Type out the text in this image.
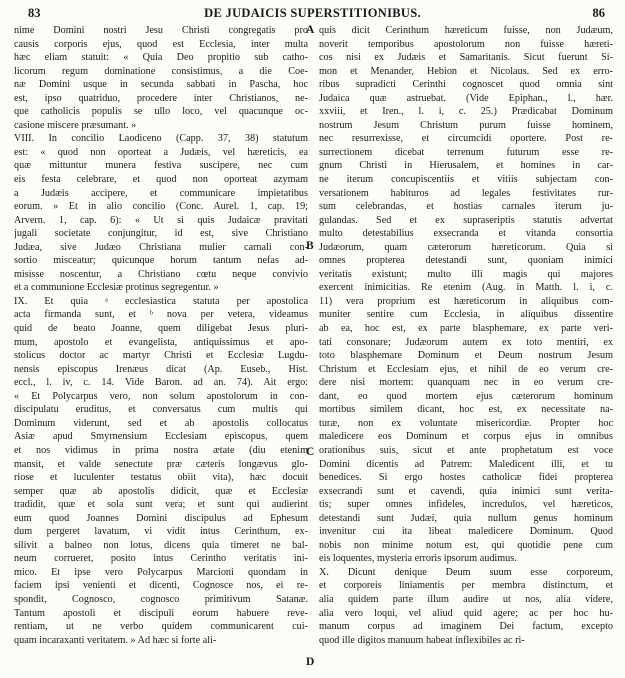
83	DE JUDAICIS SUPERSTITIONIBUS.	86
nime Domini nostri Jesu Christi congregatis pro
causis corporis ejus, quod est Ecclesia, inter multa
hæc eliam statuit: « Quia Deo propitio sub catho-
licorum regum dominatione consistimus, a die Coe-
næ Domini usque in secunda sabbati in Pascha, hoc
est, ipso quatriduo, procedere inter Christianos, ne-
que catholicis populis se ullo loco, vel quacunque oc-
casione miscere præsumant. »
VIII. In concilio Laodiceno (Capp. 37, 38) statutum
est: « quod non oporteat a Judæis, vel hæreticis, ea
quæ mittuntur munera festiva suscipere, nec cum
eis festa celebrare, et quod non oporteat azymam
a Judæis accipere, et communicare impietatibus
eorum. » Et in alio concilio (Conc. Aurel. 1, cap. 19;
Arvern. 1, cap. 6): « Ut si quis Judaicæ pravitati
jugali societate conjungitur, id est, sive Christiano
Judæa, sive Judæo Christiana mulier carnali con-
sortio misceatur; quicunque horum tantum nefas ad-
misisse noscentur, a Christiano cœtu neque convivio
et a communione Ecclesiæ protinus segregentur. »
IX. Et quia ᵃ ecclesiastica statuta per apostolica
acta firmanda sunt, et ᵇ nova per vetera, videamus
quid de beato Joanne, quem diligebat Jesus pluri-
mum, apostolo et evangelista, antiquissimus et apo-
stolicus doctor ac martyr Christi et Ecclesiæ Lugdu-
nensis episcopus Irenæus dicat (Ap. Euseb., Hist.
eccl., l. iv, c. 14. Vide Baron. ad an. 74). Ait ergo:
« Et Polycarpus vero, non solum apostolorum in con-
discipulatu eruditus, et conversatus cum multis qui
Dominum viderunt, sed et ab apostolis collocatus
Asiæ apud Smyrnensium Ecclesiam episcopus, quem
et nos vidimus in prima nostra ætate (diu etenim
mansit, et valde senectute præ cæteris longævus glo-
riose et luculenter testatus obiit vita), hæc docuit
semper quæ ab apostolis didicit, quæ et Ecclesiæ
tradidit, quæ et sola sunt vera; et sunt qui audierint
eum quod Joannes Domini discipulus ad Ephesum
dum pergeret lavatum, vi vidit intus Cerinthum, ex-
silivit a balneo non lotus, dicens quia timeret ne bal-
neum corrueret, posito intus Cerintho veritatis ini-
mico. Et ipse vero Polycarpus Marcioni quondam in
faciem ipsi venienti et dicenti, Cognosce nos, ei re-
spondit, Cognosco, cognosco primitivum Satanæ.
Tantum apostoli et discipuli eorum habuere reve-
rentiam, ut ne verbo quidem communicarent cui-
quam incaraxanti veritatem. » Ad hæc si forte ali-
quis dicit Cerinthum hæreticum fuisse, non Judæum,
noverit temporibus apostolorum non fuisse hæreti-
cos nisi ex Judæis et Samaritanis. Sicut fuerunt Si-
mon et Menander, Hebion et Nicolaus. Sed ex erro-
ribus supradicti Cerinthi cognoscet quod omnia sint
Judaica quæ astruebat. (Vide Epiphan., l., hær.
xxviii, et Iren., l. i, c. 25.) Prædicabat Dominum
nostrum Jesum Christum purum fuisse hominem,
nec resurrexisse, et circumcidi oportere. Post re-
surrectionem dicebat terrenum futurum esse re-
gnum Christi in Hierusalem, et homines in car-
ne iterum concupiscentiis et vitiis subjectam con-
versationem habituros ad legales festivitates rur-
sum celebrandas, et hostias carnales iterum ju-
gulandas. Sed et ex supraseriptis statutis advertat
multo detestabilius exsecranda et vitanda consortia
Judæorum, quam cæterorum hæreticorum. Quia si
omnes propterea detestandi sunt, quoniam inimici
veritatis existunt; multo illi magis qui majores
exercent inimicitias. Re etenim (Aug. in Matth. l. i, c.
11) vera proprium est hæreticorum in aliquibus com-
muniter sentire cum Ecclesia, in aliquibus dissentire
ab ea, hoc est, ex parte blasphemare, ex parte veri-
tati consonare; Judæorum autem ex toto mentiri, ex
toto blasphemare Dominum et Deum nostrum Jesum
Christum et Ecclesiam ejus, et nihil de eo verum cre-
dere nisi mortem: quanquam nec in eo verum cre-
dant, eo quod mortem ejus cæterorum hominum
mortibus similem dicant, hoc est, ex necessitate na-
turæ, non ex voluntate misericordiæ. Propter hoc
maledicere eos Dominum et corpus ejus in omnibus
orationibus suis, sicut et ante prophetatum est voce
Domini dicentis ad Patrem: Maledicent illi, et tu
benedices. Si ergo hostes catholicæ fidei propterea
exsecrandi sunt et cavendi, quia inimici sunt verita-
tis; super omnes infideles, incredulos, vel hæreticos,
detestandi sunt Judæi, quia nullum genus hominum
invenitur cui ita libeat maledicere Dominum. Quod
nobis non minime notum est, qui quotidie pene cum
eis loquentes, mysteria erroris ipsorum audimus.
X. Dicunt denique Deum suum esse corporeum,
et corporeis liniamentis per membra distinctum, et
alia quidem parte illum audire ut nos, alia videre,
alia vero loqui, vel aliud quid agere; ac per hoc hu-
manum corpus ad imaginem Dei factum, excepto
quod ille digitos manuum habeat inflexibiles ac ri-
A
B
C
D
